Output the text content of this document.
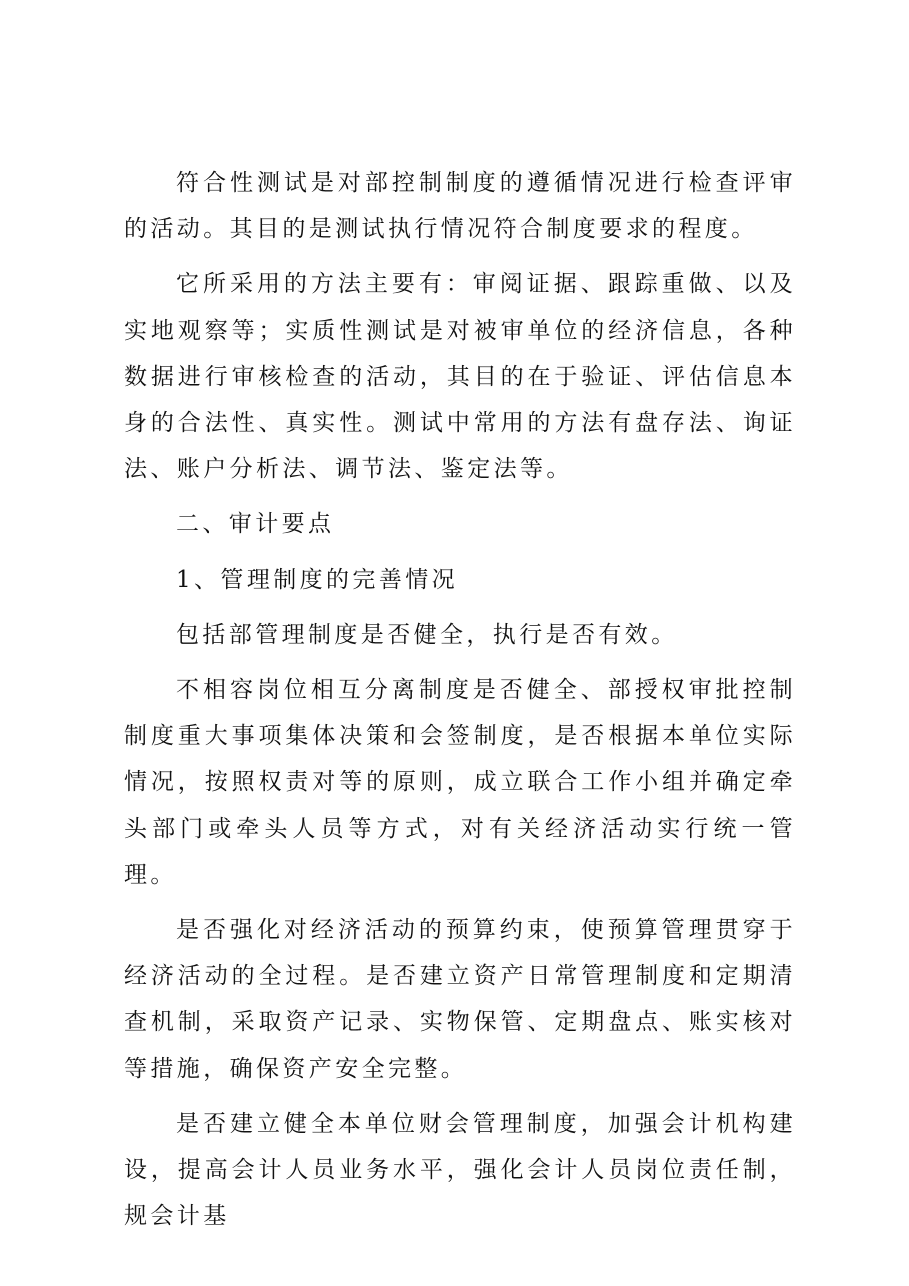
符合性测试是对部控制制度的遵循情况进行检查评审的活动。其目的是测试执行情况符合制度要求的程度。

它所采用的方法主要有：审阅证据、跟踪重做、以及实地观察等；实质性测试是对被审单位的经济信息，各种数据进行审核检查的活动，其目的在于验证、评估信息本身的合法性、真实性。测试中常用的方法有盘存法、询证法、账户分析法、调节法、鉴定法等。

二、审计要点

1、管理制度的完善情况

包括部管理制度是否健全，执行是否有效。

不相容岗位相互分离制度是否健全、部授权审批控制制度重大事项集体决策和会签制度，是否根据本单位实际情况，按照权责对等的原则，成立联合工作小组并确定牵头部门或牵头人员等方式，对有关经济活动实行统一管理。

是否强化对经济活动的预算约束，使预算管理贯穿于经济活动的全过程。是否建立资产日常管理制度和定期清查机制，采取资产记录、实物保管、定期盘点、账实核对等措施，确保资产安全完整。

是否建立健全本单位财会管理制度，加强会计机构建设，提高会计人员业务水平，强化会计人员岗位责任制，规会计基
